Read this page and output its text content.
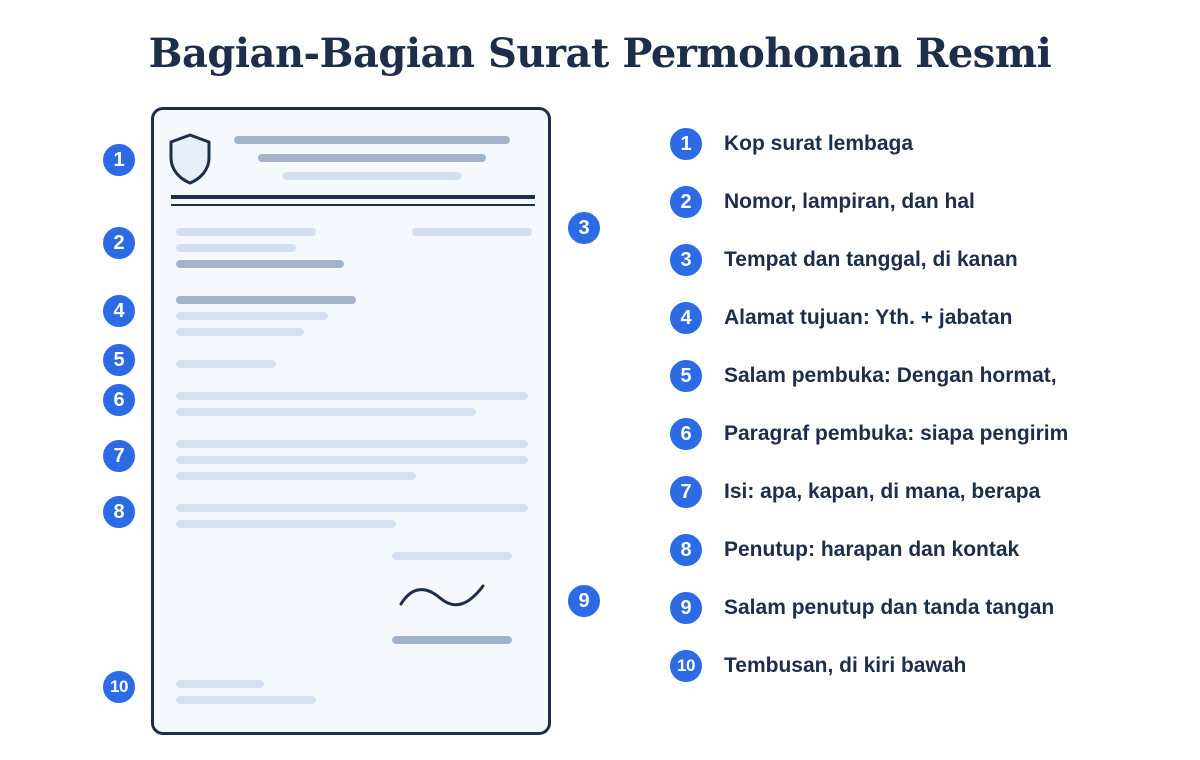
Bagian-Bagian Surat Permohonan Resmi
1
2
3
4
5
6
7
8
9
10
1	Kop surat lembaga
2	Nomor, lampiran, dan hal
3	Tempat dan tanggal, di kanan
4	Alamat tujuan: Yth. + jabatan
5	Salam pembuka: Dengan hormat,
6	Paragraf pembuka: siapa pengirim
7	Isi: apa, kapan, di mana, berapa
8	Penutup: harapan dan kontak
9	Salam penutup dan tanda tangan
10	Tembusan, di kiri bawah
